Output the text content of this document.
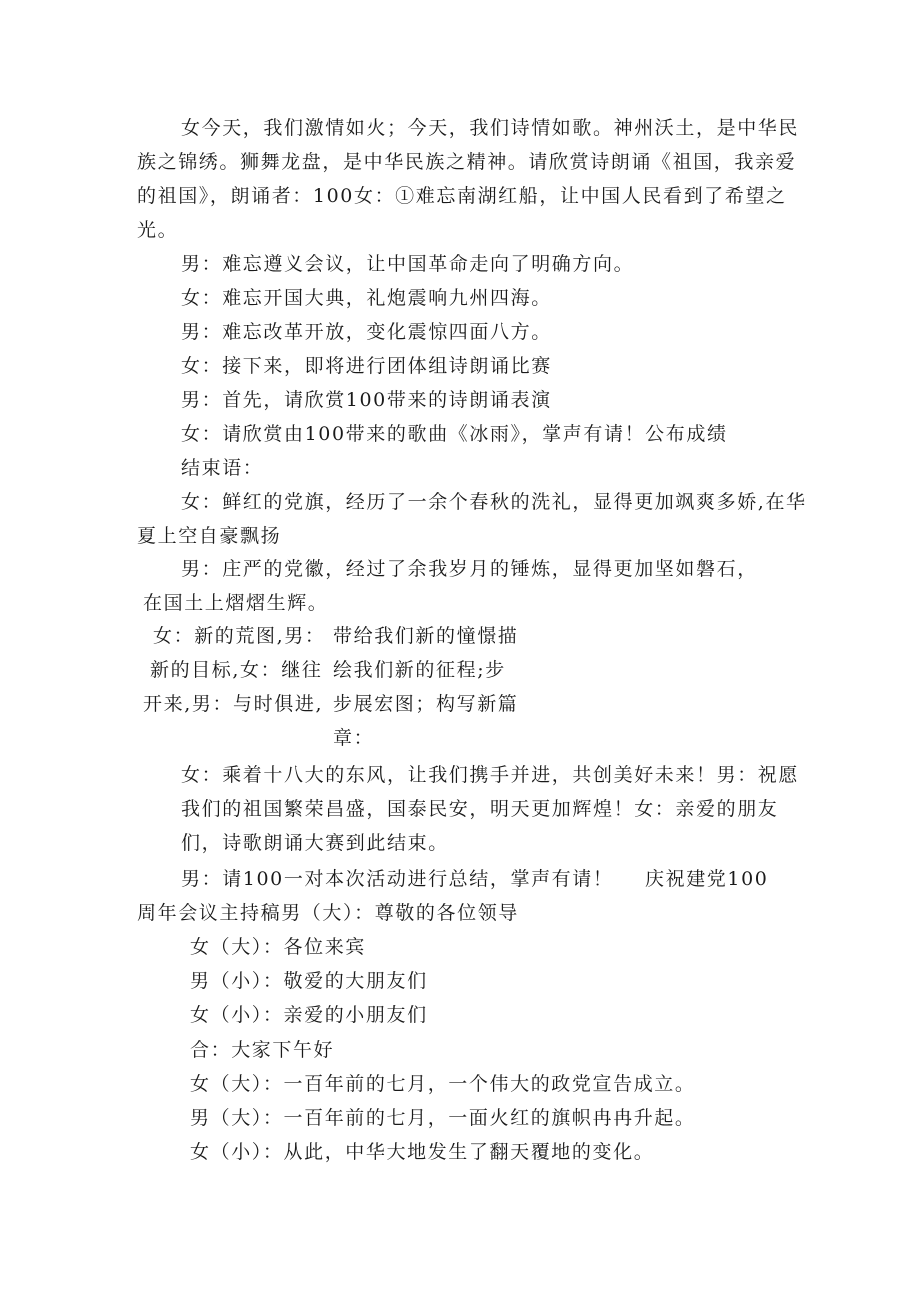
女今天，我们激情如火；今天，我们诗情如歌。神州沃土，是中华民
族之锦绣。狮舞龙盘，是中华民族之精神。请欣赏诗朗诵《祖国，我亲爱
的祖国》，朗诵者：100女：①难忘南湖红船，让中国人民看到了希望之
光。
男：难忘遵义会议，让中国革命走向了明确方向。
女：难忘开国大典，礼炮震响九州四海。
男：难忘改革开放，变化震惊四面八方。
女：接下来，即将进行团体组诗朗诵比赛
男：首先，请欣赏100带来的诗朗诵表演
女：请欣赏由100带来的歌曲《冰雨》，掌声有请！公布成绩
结束语：
女：鲜红的党旗，经历了一余个春秋的洗礼，显得更加飒爽多娇,在华
夏上空自豪飘扬
男：庄严的党徽，经过了余我岁月的锤炼，显得更加坚如磐石，
在国土上熠熠生辉。
女：新的荒图,男： 带给我们新的憧憬描
新的目标,女：继往 绘我们新的征程;步
开来,男：与时俱进, 步展宏图；构写新篇
章：
女：乘着十八大的东风，让我们携手并进，共创美好未来！男：祝愿
我们的祖国繁荣昌盛，国泰民安，明天更加辉煌！女：亲爱的朋友
们，诗歌朗诵大赛到此结束。
男：请100一对本次活动进行总结，掌声有请！ 庆祝建党100
周年会议主持稿男（大）：尊敬的各位领导
女（大）：各位来宾
男（小）：敬爱的大朋友们
女（小）：亲爱的小朋友们
合：大家下午好
女（大）：一百年前的七月，一个伟大的政党宣告成立。
男（大）：一百年前的七月，一面火红的旗帜冉冉升起。
女（小）：从此，中华大地发生了翻天覆地的变化。
